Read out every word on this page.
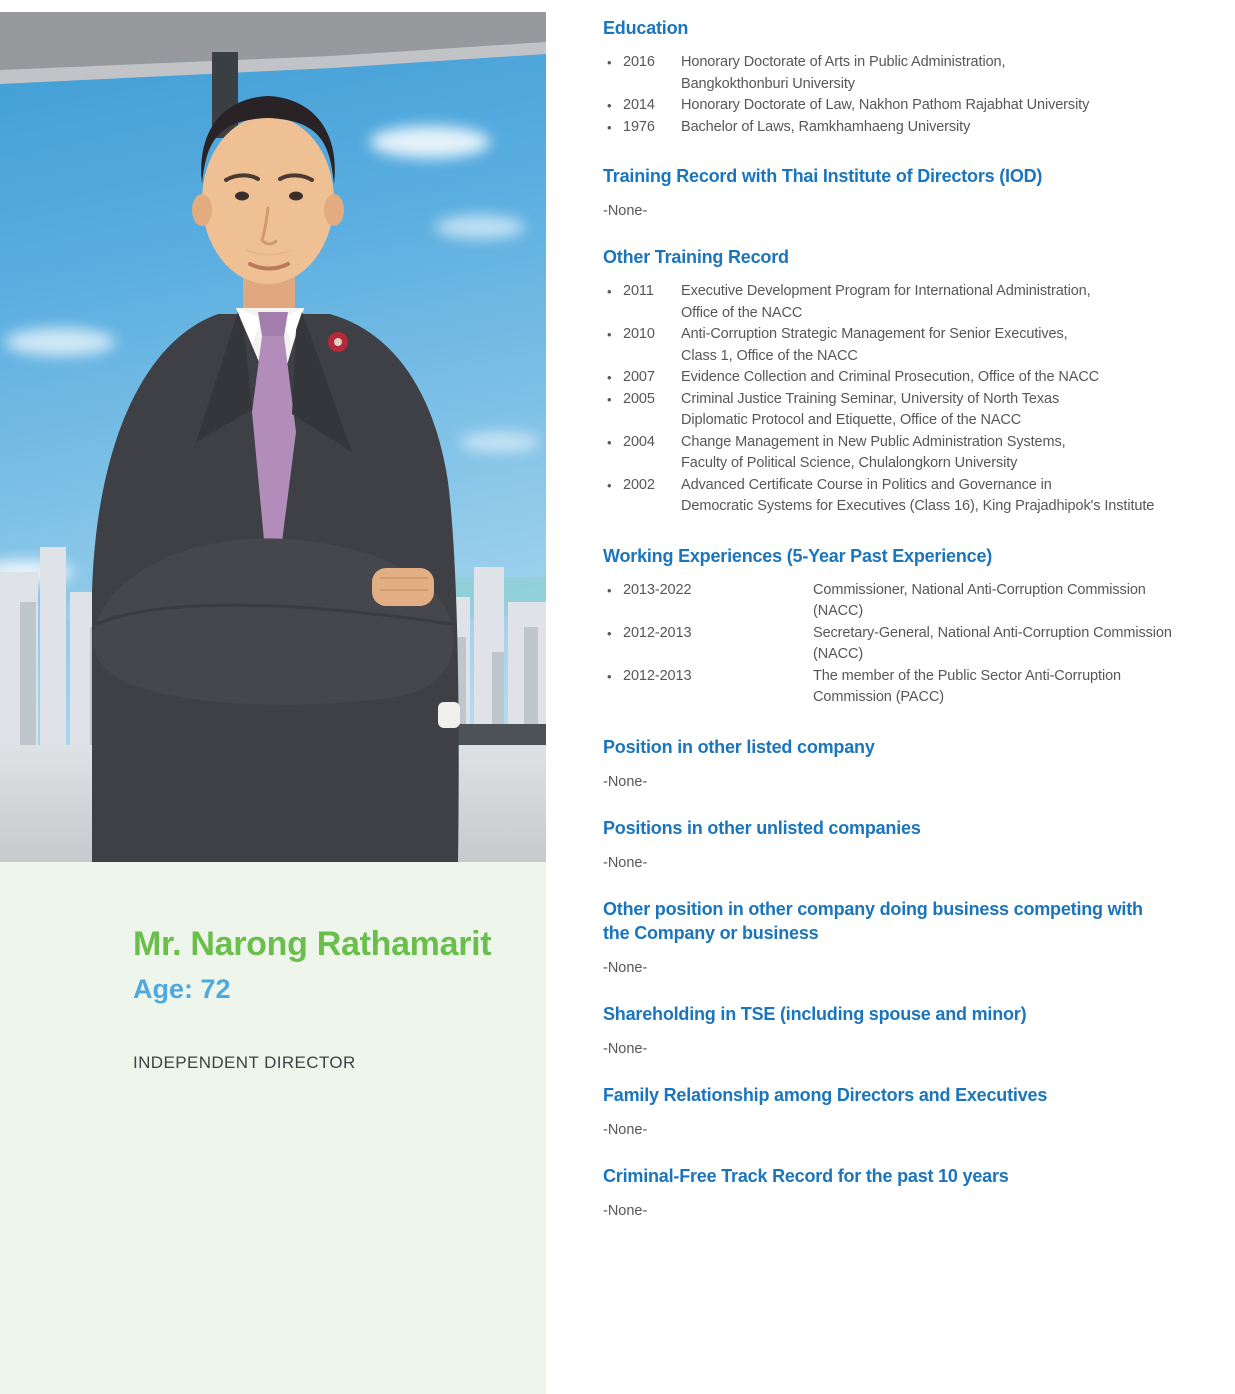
Mr. Narong Rathamarit
Age: 72
INDEPENDENT DIRECTOR
Education
• 2016	Honorary Doctorate of Arts in Public Administration,
Bangkokthonburi University
• 2014	Honorary Doctorate of Law, Nakhon Pathom Rajabhat University
• 1976	Bachelor of Laws, Ramkhamhaeng University
Training Record with Thai Institute of Directors (IOD)
-None-
Other Training Record
• 2011	Executive Development Program for International Administration,
Office of the NACC
• 2010	Anti-Corruption Strategic Management for Senior Executives,
Class 1, Office of the NACC
• 2007	Evidence Collection and Criminal Prosecution, Office of the NACC
• 2005	Criminal Justice Training Seminar, University of North Texas
Diplomatic Protocol and Etiquette, Office of the NACC
• 2004	Change Management in New Public Administration Systems,
Faculty of Political Science, Chulalongkorn University
• 2002	Advanced Certificate Course in Politics and Governance in
Democratic Systems for Executives (Class 16), King Prajadhipok's Institute
Working Experiences (5-Year Past Experience)
• 2013-2022	Commissioner, National Anti-Corruption Commission
(NACC)
• 2012-2013	Secretary-General, National Anti-Corruption Commission
(NACC)
• 2012-2013	The member of the Public Sector Anti-Corruption
Commission (PACC)
Position in other listed company
-None-
Positions in other unlisted companies
-None-
Other position in other company doing business competing with the Company or business
-None-
Shareholding in TSE (including spouse and minor)
-None-
Family Relationship among Directors and Executives
-None-
Criminal-Free Track Record for the past 10 years
-None-
